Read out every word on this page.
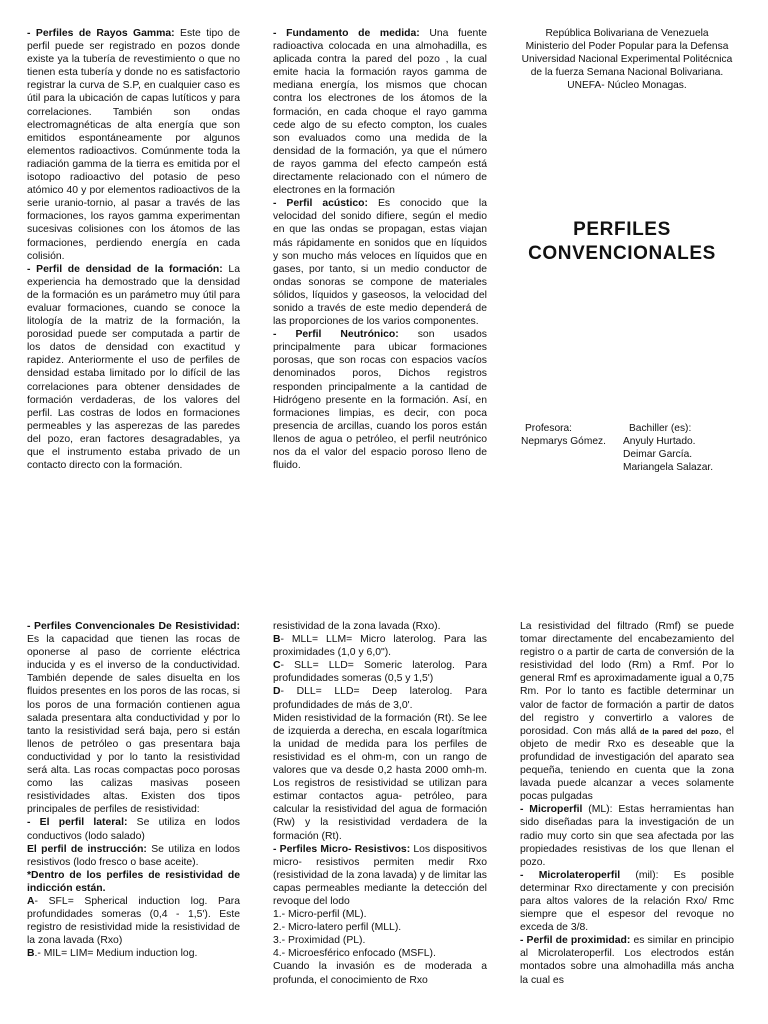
- Perfiles de Rayos Gamma: Este tipo de perfil puede ser registrado en pozos donde existe ya la tubería de revestimiento o que no tienen esta tubería y donde no es satisfactorio registrar la curva de S.P, en cualquier caso es útil para la ubicación de capas lutíticos y para correlaciones. También son ondas electromagnéticas de alta energía que son emitidos espontáneamente por algunos elementos radioactivos. Comúnmente toda la radiación gamma de la tierra es emitida por el isotopo radioactivo del potasio de peso atómico 40 y por elementos radioactivos de la serie uranio-tornio, al pasar a través de las formaciones, los rayos gamma experimentan sucesivas colisiones con los átomos de las formaciones, perdiendo energía en cada colisión.

- Perfil de densidad de la formación: La experiencia ha demostrado que la densidad de la formación es un parámetro muy útil para evaluar formaciones, cuando se conoce la litología de la matriz de la formación, la porosidad puede ser computada a partir de los datos de densidad con exactitud y rapidez. Anteriormente el uso de perfiles de densidad estaba limitado por lo difícil de las correlaciones para obtener densidades de formación verdaderas, de los valores del perfil. Las costras de lodos en formaciones permeables y las asperezas de las paredes del pozo, eran factores desagradables, ya que el instrumento estaba privado de un contacto directo con la formación.

- Fundamento de medida: Una fuente radioactiva colocada en una almohadilla, es aplicada contra la pared del pozo , la cual emite hacia la formación rayos gamma de mediana energía, los mismos que chocan contra los electrones de los átomos de la formación, en cada choque el rayo gamma cede algo de su efecto compton, los cuales son evaluados como una medida de la densidad de la formación, ya que el número de rayos gamma del efecto campeón está directamente relacionado con el número de electrones en la formación

- Perfil acústico: Es conocido que la velocidad del sonido difiere, según el medio en que las ondas se propagan, estas viajan más rápidamente en sonidos que en líquidos y son mucho más veloces en líquidos que en gases, por tanto, si un medio conductor de ondas sonoras se compone de materiales sólidos, líquidos y gaseosos, la velocidad del sonido a través de este medio dependerá de las proporciones de los varios componentes.

- Perfil Neutrónico: son usados principalmente para ubicar formaciones porosas, que son rocas con espacios vacíos denominados poros, Dichos registros responden principalmente a la cantidad de Hidrógeno presente en la formación. Así, en formaciones limpias, es decir, con poca presencia de arcillas, cuando los poros están llenos de agua o petróleo, el perfil neutrónico nos da el valor del espacio poroso lleno de fluido.

República Bolivariana de Venezuela
Ministerio del Poder Popular para la Defensa
Universidad Nacional Experimental Politécnica de la fuerza Semana Nacional Bolivariana.
UNEFA- Núcleo Monagas.
PERFILES CONVENCIONALES
Profesora:
Nepmarys Gómez.
Bachiller (es):
Anyuly Hurtado.
Deimar García.
Mariangela Salazar.

- Perfiles Convencionales De Resistividad: Es la capacidad que tienen las rocas de oponerse al paso de corriente eléctrica inducida y es el inverso de la conductividad. También depende de sales disuelta en los fluidos presentes en los poros de las rocas, si los poros de una formación contienen agua salada presentara alta conductividad y por lo tanto la resistividad será baja, pero si están llenos de petróleo o gas presentara baja conductividad y por lo tanto la resistividad será alta. Las rocas compactas poco porosas como las calizas masivas poseen resistividades altas. Existen dos tipos principales de perfiles de resistividad:

- El perfil lateral: Se utiliza en lodos conductivos (lodo salado)

El perfil de instrucción: Se utiliza en lodos resistivos (lodo fresco o base aceite).

*Dentro de los perfiles de resistividad de indicción están.

A- SFL= Spherical induction log. Para profundidades someras (0,4 - 1,5'). Este registro de resistividad mide la resistividad de la zona lavada (Rxo)

B.- MIL= LIM= Medium induction log.

resistividad de la zona lavada (Rxo).

B- MLL= LLM= Micro laterolog. Para las proximidades (1,0 y 6,0").

C- SLL= LLD= Someric laterolog. Para profundidades someras (0,5 y 1,5')

D- DLL= LLD= Deep laterolog. Para profundidades de más de 3,0'.

Miden resistividad de la formación (Rt). Se lee de izquierda a derecha, en escala logarítmica la unidad de medida para los perfiles de resistividad es el ohm-m, con un rango de valores que va desde 0,2 hasta 2000 omh-m. Los registros de resistividad se utilizan para estimar contactos agua- petróleo, para calcular la resistividad del agua de formación (Rw) y la resistividad verdadera de la formación (Rt).

- Perfiles Micro- Resistivos: Los dispositivos micro- resistivos permiten medir Rxo (resistividad de la zona lavada) y de limitar las capas permeables mediante la detección del revoque del lodo

1.- Micro-perfil (ML).

2.- Micro-latero perfil (MLL).

3.- Proximidad (PL).

4.- Microesférico enfocado (MSFL).

Cuando la invasión es de moderada a profunda, el conocimiento de Rxo

La resistividad del filtrado (Rmf) se puede tomar directamente del encabezamiento del registro o a partir de carta de conversión de la resistividad del lodo (Rm) a Rmf. Por lo general Rmf es aproximadamente igual a 0,75 Rm. Por lo tanto es factible determinar un valor de factor de formación a partir de datos del registro y convertirlo a valores de porosidad. Con más allá de la pared del pozo, el objeto de medir Rxo es deseable que la profundidad de investigación del aparato sea pequeña, teniendo en cuenta que la zona lavada puede alcanzar a veces solamente pocas pulgadas

- Microperfil (ML): Estas herramientas han sido diseñadas para la investigación de un radio muy corto sin que sea afectada por las propiedades resistivas de los que llenan el pozo.

- Microlateroperfil (mil): Es posible determinar Rxo directamente y con precisión para altos valores de la relación Rxo/ Rmc siempre que el espesor del revoque no exceda de 3/8.

- Perfil de proximidad: es similar en principio al Microlateroperfil. Los electrodos están montados sobre una almohadilla más ancha la cual es
